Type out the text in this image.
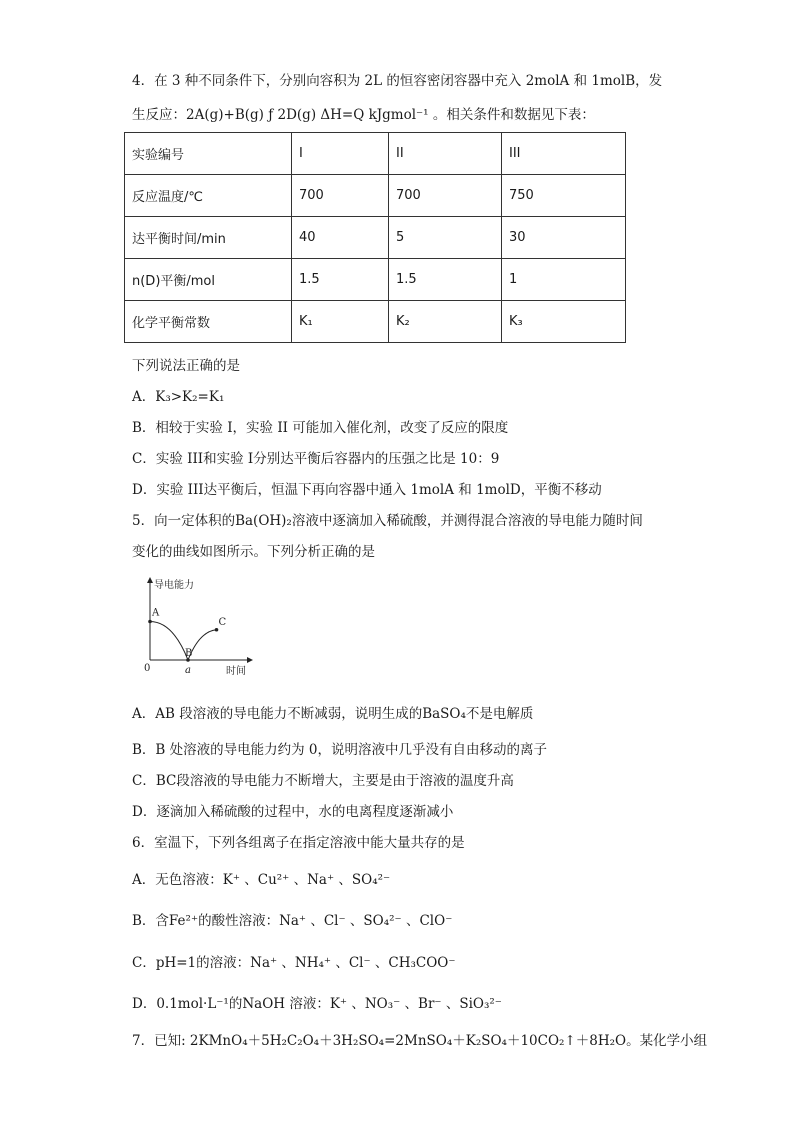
4．在 3 种不同条件下，分别向容积为 2L 的恒容密闭容器中充入 2molA 和 1molB，发
生反应：2A(g)+B(g) ƒ 2D(g) ΔH=Q kJgmol⁻¹ 。相关条件和数据见下表：
实验编号	I	II	III
反应温度/℃	700	700	750
达平衡时间/min	40	5	30
n(D)平衡/mol	1.5	1.5	1
化学平衡常数	K₁	K₂	K₃
下列说法正确的是
A．K₃>K₂=K₁
B．相较于实验 I，实验 II 可能加入催化剂，改变了反应的限度
C．实验 III和实验 I分别达平衡后容器内的压强之比是 10：9
D．实验 III达平衡后，恒温下再向容器中通入 1molA 和 1molD，平衡不移动
5．向一定体积的Ba(OH)₂溶液中逐滴加入稀硫酸，并测得混合溶液的导电能力随时间
变化的曲线如图所示。下列分析正确的是
导电能力
时间
0	a
A
B
C
A．AB 段溶液的导电能力不断减弱，说明生成的BaSO₄不是电解质
B．B 处溶液的导电能力约为 0，说明溶液中几乎没有自由移动的离子
C．BC段溶液的导电能力不断增大，主要是由于溶液的温度升高
D．逐滴加入稀硫酸的过程中，水的电离程度逐渐减小
6．室温下，下列各组离子在指定溶液中能大量共存的是
A．无色溶液：K⁺ 、Cu²⁺ 、Na⁺ 、SO₄²⁻
B．含Fe²⁺的酸性溶液：Na⁺ 、Cl⁻ 、SO₄²⁻ 、ClO⁻
C．pH=1的溶液：Na⁺ 、NH₄⁺ 、Cl⁻ 、CH₃COO⁻
D．0.1mol·L⁻¹的NaOH 溶液：K⁺ 、NO₃⁻ 、Br⁻ 、SiO₃²⁻
7．已知: 2KMnO₄＋5H₂C₂O₄＋3H₂SO₄=2MnSO₄＋K₂SO₄＋10CO₂↑＋8H₂O。某化学小组
